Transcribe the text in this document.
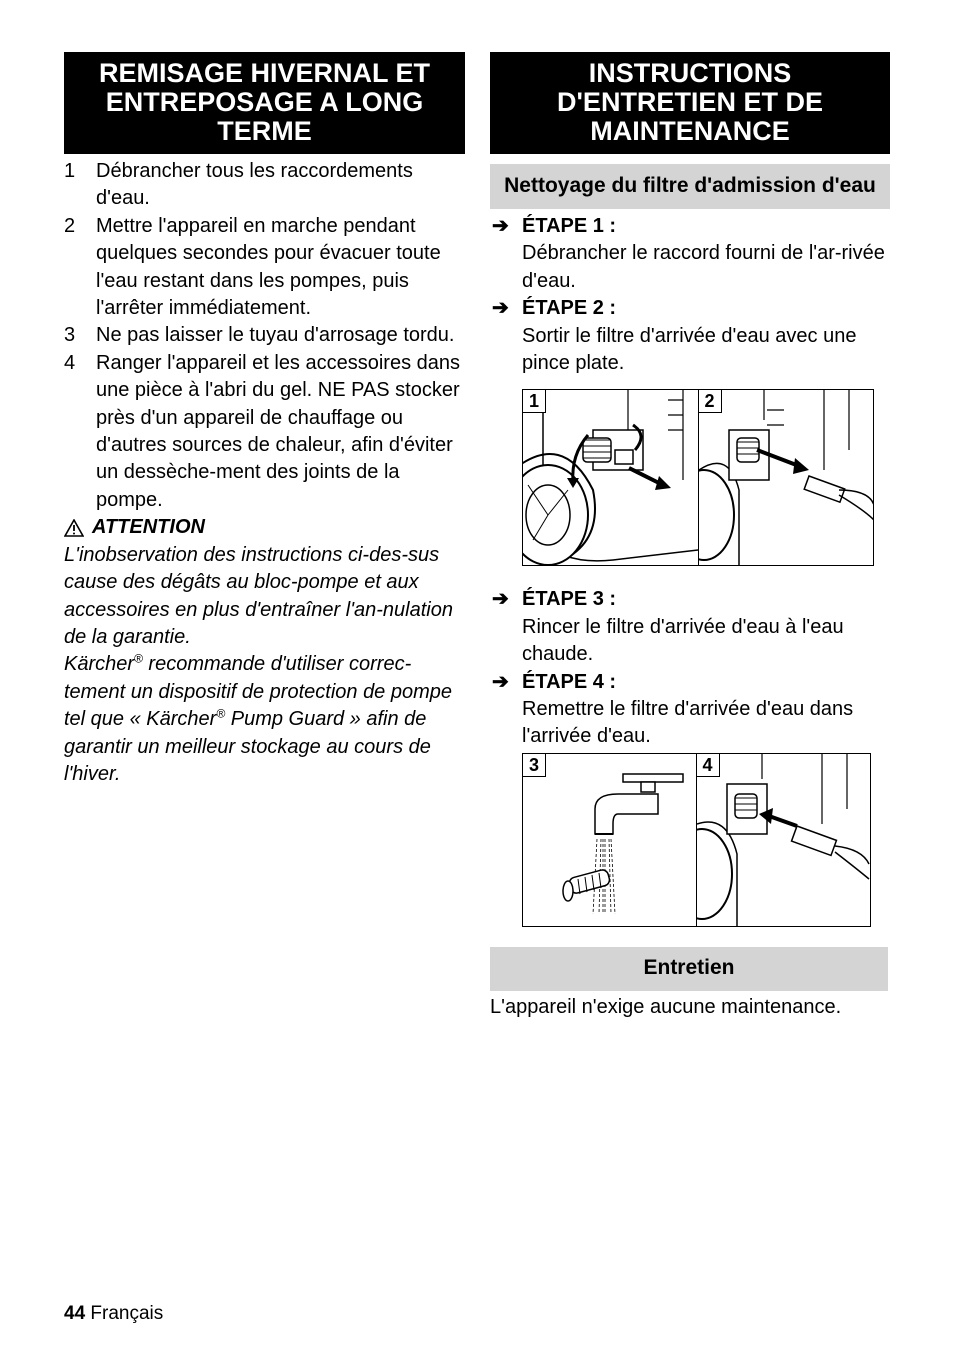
REMISAGE HIVERNAL ET ENTREPOSAGE A LONG TERME
1 Débrancher tous les raccordements d'eau.
2 Mettre l'appareil en marche pendant quelques secondes pour évacuer toute l'eau restant dans les pompes, puis l'arrêter immédiatement.
3 Ne pas laisser le tuyau d'arrosage tordu.
4 Ranger l'appareil et les accessoires dans une pièce à l'abri du gel. NE PAS stocker près d'un appareil de chauffage ou d'autres sources de chaleur, afin d'éviter un dessèche-ment des joints de la pompe.
ATTENTION
L'inobservation des instructions ci-des-sus cause des dégâts au bloc-pompe et aux accessoires en plus d'entraîner l'an-nulation de la garantie.
Kärcher® recommande d'utiliser correc-tement un dispositif de protection de pompe tel que « Kärcher® Pump Guard » afin de garantir un meilleur stockage au cours de l'hiver.
INSTRUCTIONS D'ENTRETIEN ET DE MAINTENANCE
Nettoyage du filtre d'admission d'eau
➔ ÉTAPE 1 :
Débrancher le raccord fourni de l'ar-rivée d'eau.
➔ ÉTAPE 2 :
Sortir le filtre d'arrivée d'eau avec une pince plate.
1	2
➔ ÉTAPE 3 :
Rincer le filtre d'arrivée d'eau à l'eau chaude.
➔ ÉTAPE 4 :
Remettre le filtre d'arrivée d'eau dans l'arrivée d'eau.
3	4
Entretien
L'appareil n'exige aucune maintenance.
44 Français
